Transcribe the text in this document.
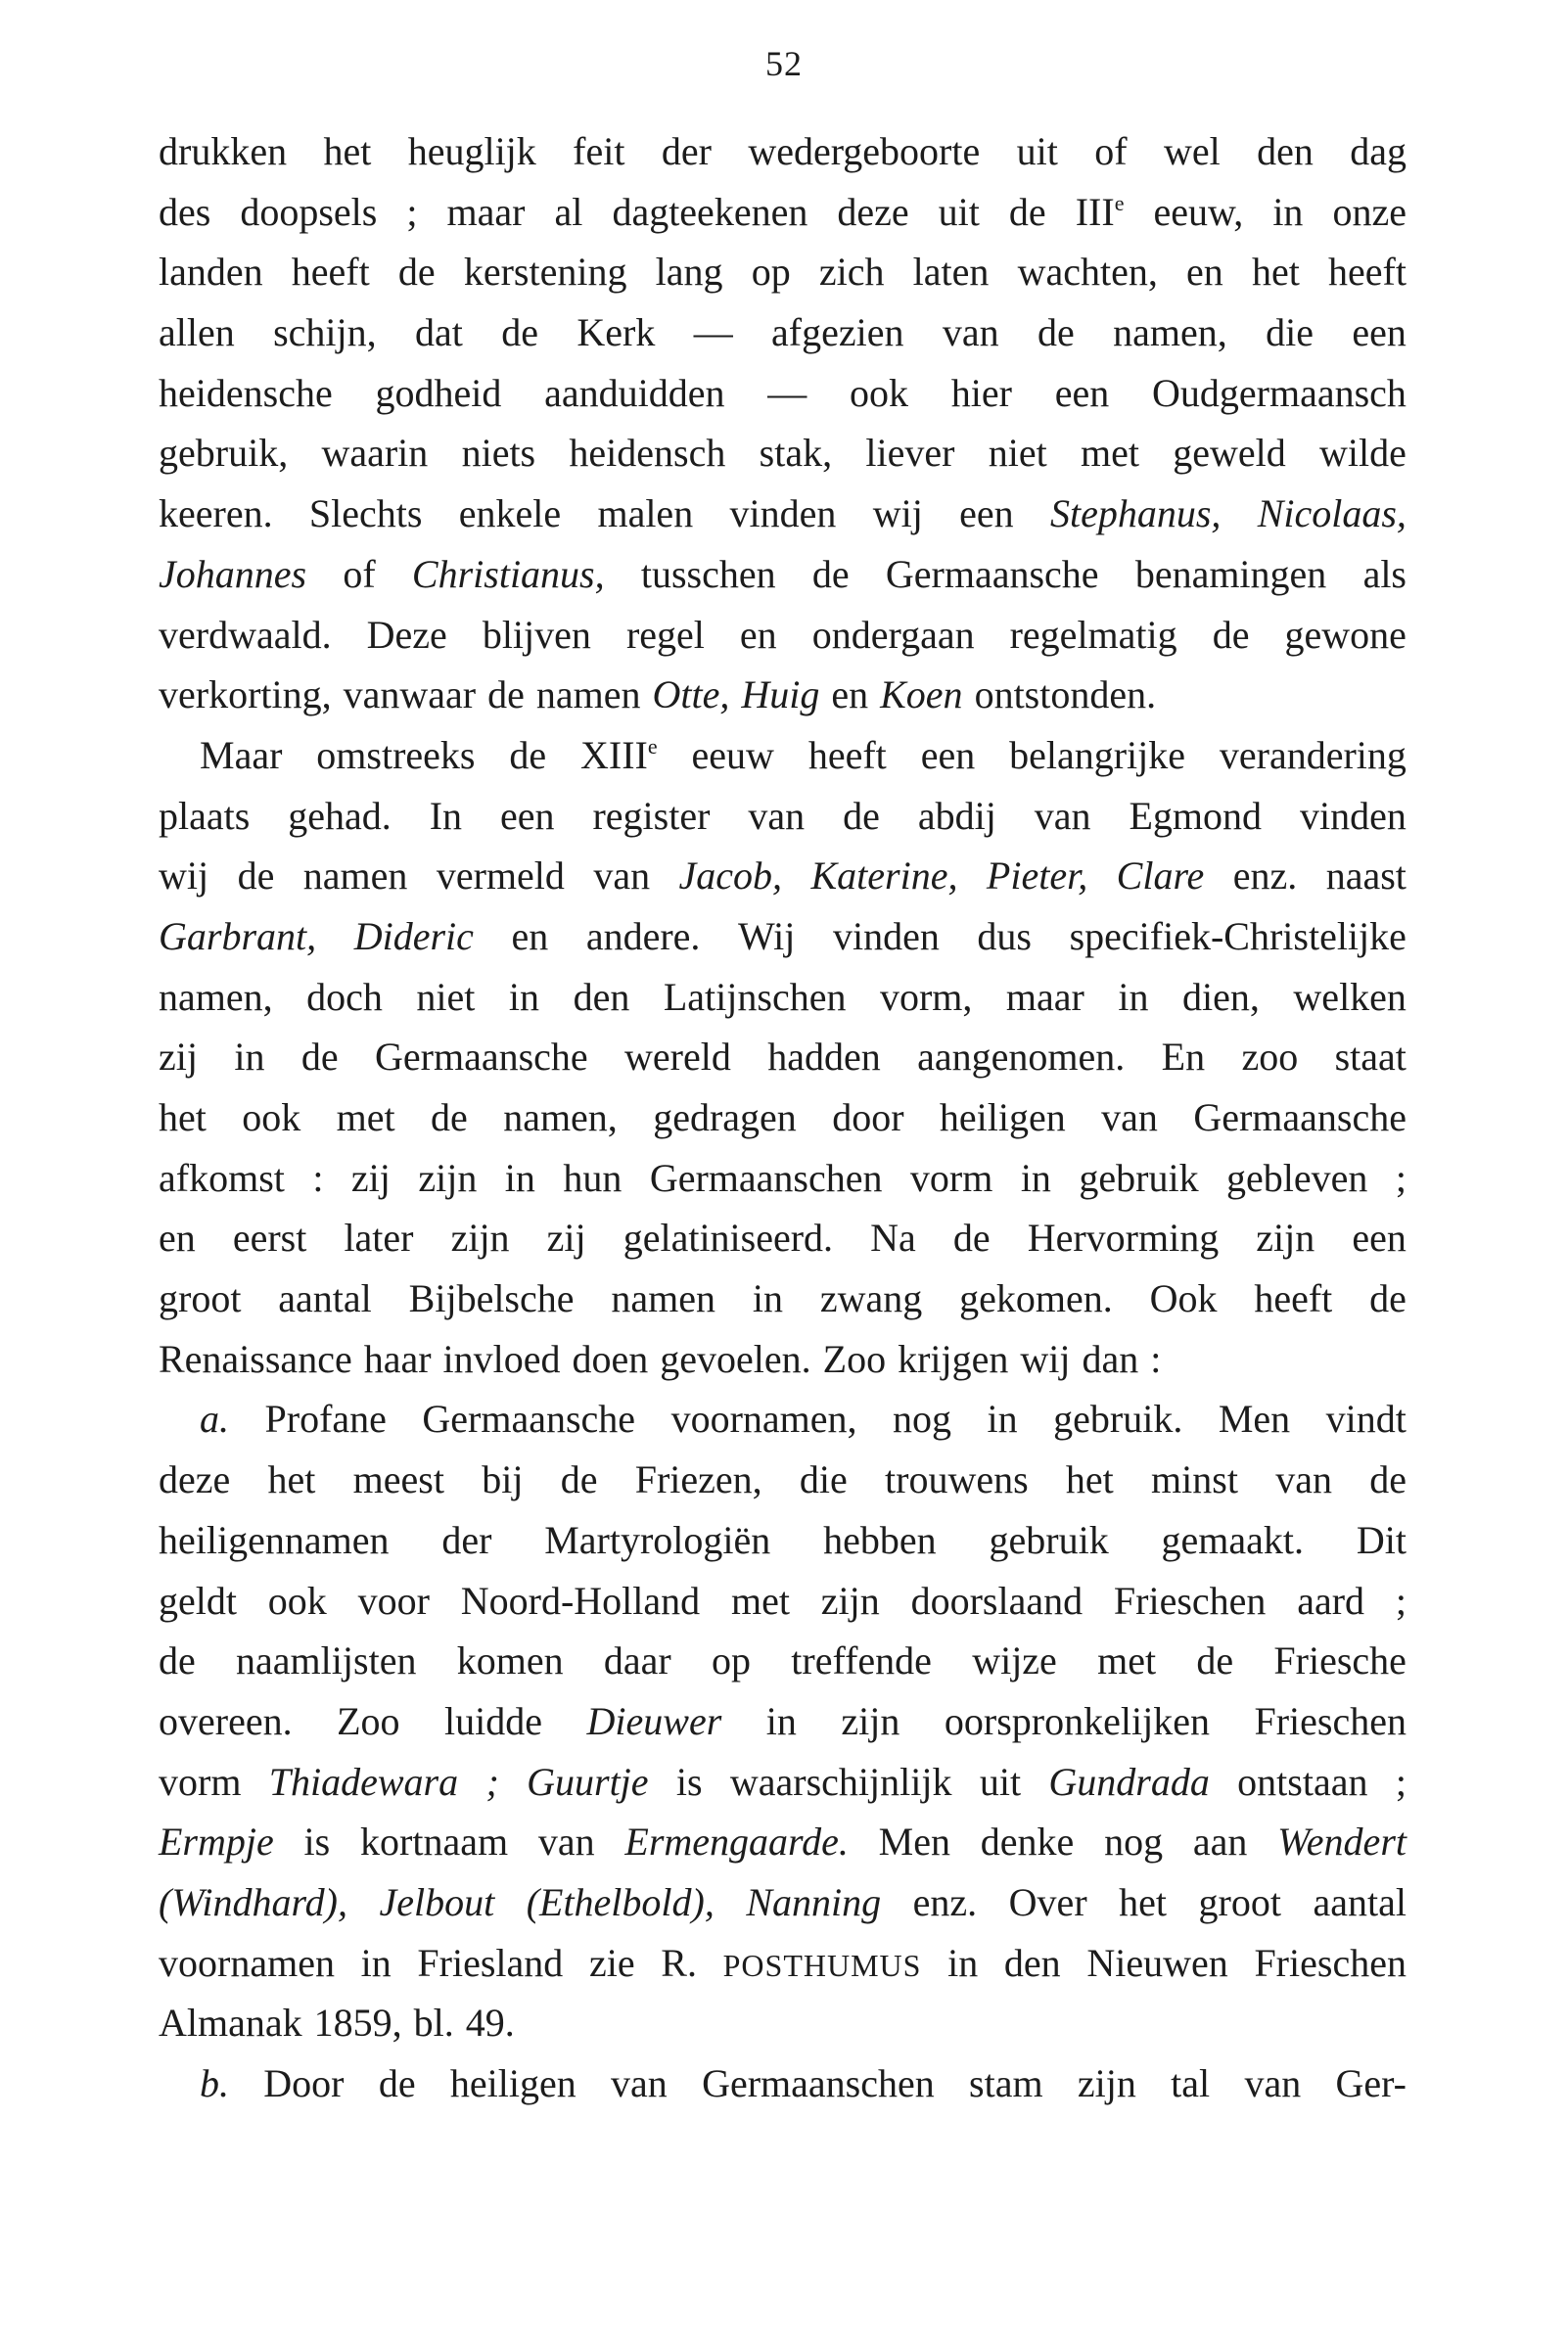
52
drukken het heuglijk feit der wedergeboorte uit of wel den dag
des doopsels ; maar al dagteekenen deze uit de IIIe eeuw, in onze
landen heeft de kerstening lang op zich laten wachten, en het heeft
allen schijn, dat de Kerk — afgezien van de namen, die een
heidensche godheid aanduidden — ook hier een Oudgermaansch
gebruik, waarin niets heidensch stak, liever niet met geweld wilde
keeren. Slechts enkele malen vinden wij een Stephanus, Nicolaas,
Johannes of Christianus, tusschen de Germaansche benamingen als
verdwaald. Deze blijven regel en ondergaan regelmatig de gewone
verkorting, vanwaar de namen Otte, Huig en Koen ontstonden.
Maar omstreeks de XIIIe eeuw heeft een belangrijke verandering
plaats gehad. In een register van de abdij van Egmond vinden
wij de namen vermeld van Jacob, Katerine, Pieter, Clare enz. naast
Garbrant, Dideric en andere. Wij vinden dus specifiek-Christelijke
namen, doch niet in den Latijnschen vorm, maar in dien, welken
zij in de Germaansche wereld hadden aangenomen. En zoo staat
het ook met de namen, gedragen door heiligen van Germaansche
afkomst : zij zijn in hun Germaanschen vorm in gebruik gebleven ;
en eerst later zijn zij gelatiniseerd. Na de Hervorming zijn een
groot aantal Bijbelsche namen in zwang gekomen. Ook heeft de
Renaissance haar invloed doen gevoelen. Zoo krijgen wij dan :
a. Profane Germaansche voornamen, nog in gebruik. Men vindt
deze het meest bij de Friezen, die trouwens het minst van de
heiligennamen der Martyrologiën hebben gebruik gemaakt. Dit
geldt ook voor Noord-Holland met zijn doorslaand Frieschen aard ;
de naamlijsten komen daar op treffende wijze met de Friesche
overeen. Zoo luidde Dieuwer in zijn oorspronkelijken Frieschen
vorm Thiadewara ; Guurtje is waarschijnlijk uit Gundrada ontstaan ;
Ermpje is kortnaam van Ermengaarde. Men denke nog aan Wendert
(Windhard), Jelbout (Ethelbold), Nanning enz. Over het groot aantal
voornamen in Friesland zie R. POSTHUMUS in den Nieuwen Frieschen
Almanak 1859, bl. 49.
b. Door de heiligen van Germaanschen stam zijn tal van Ger-
